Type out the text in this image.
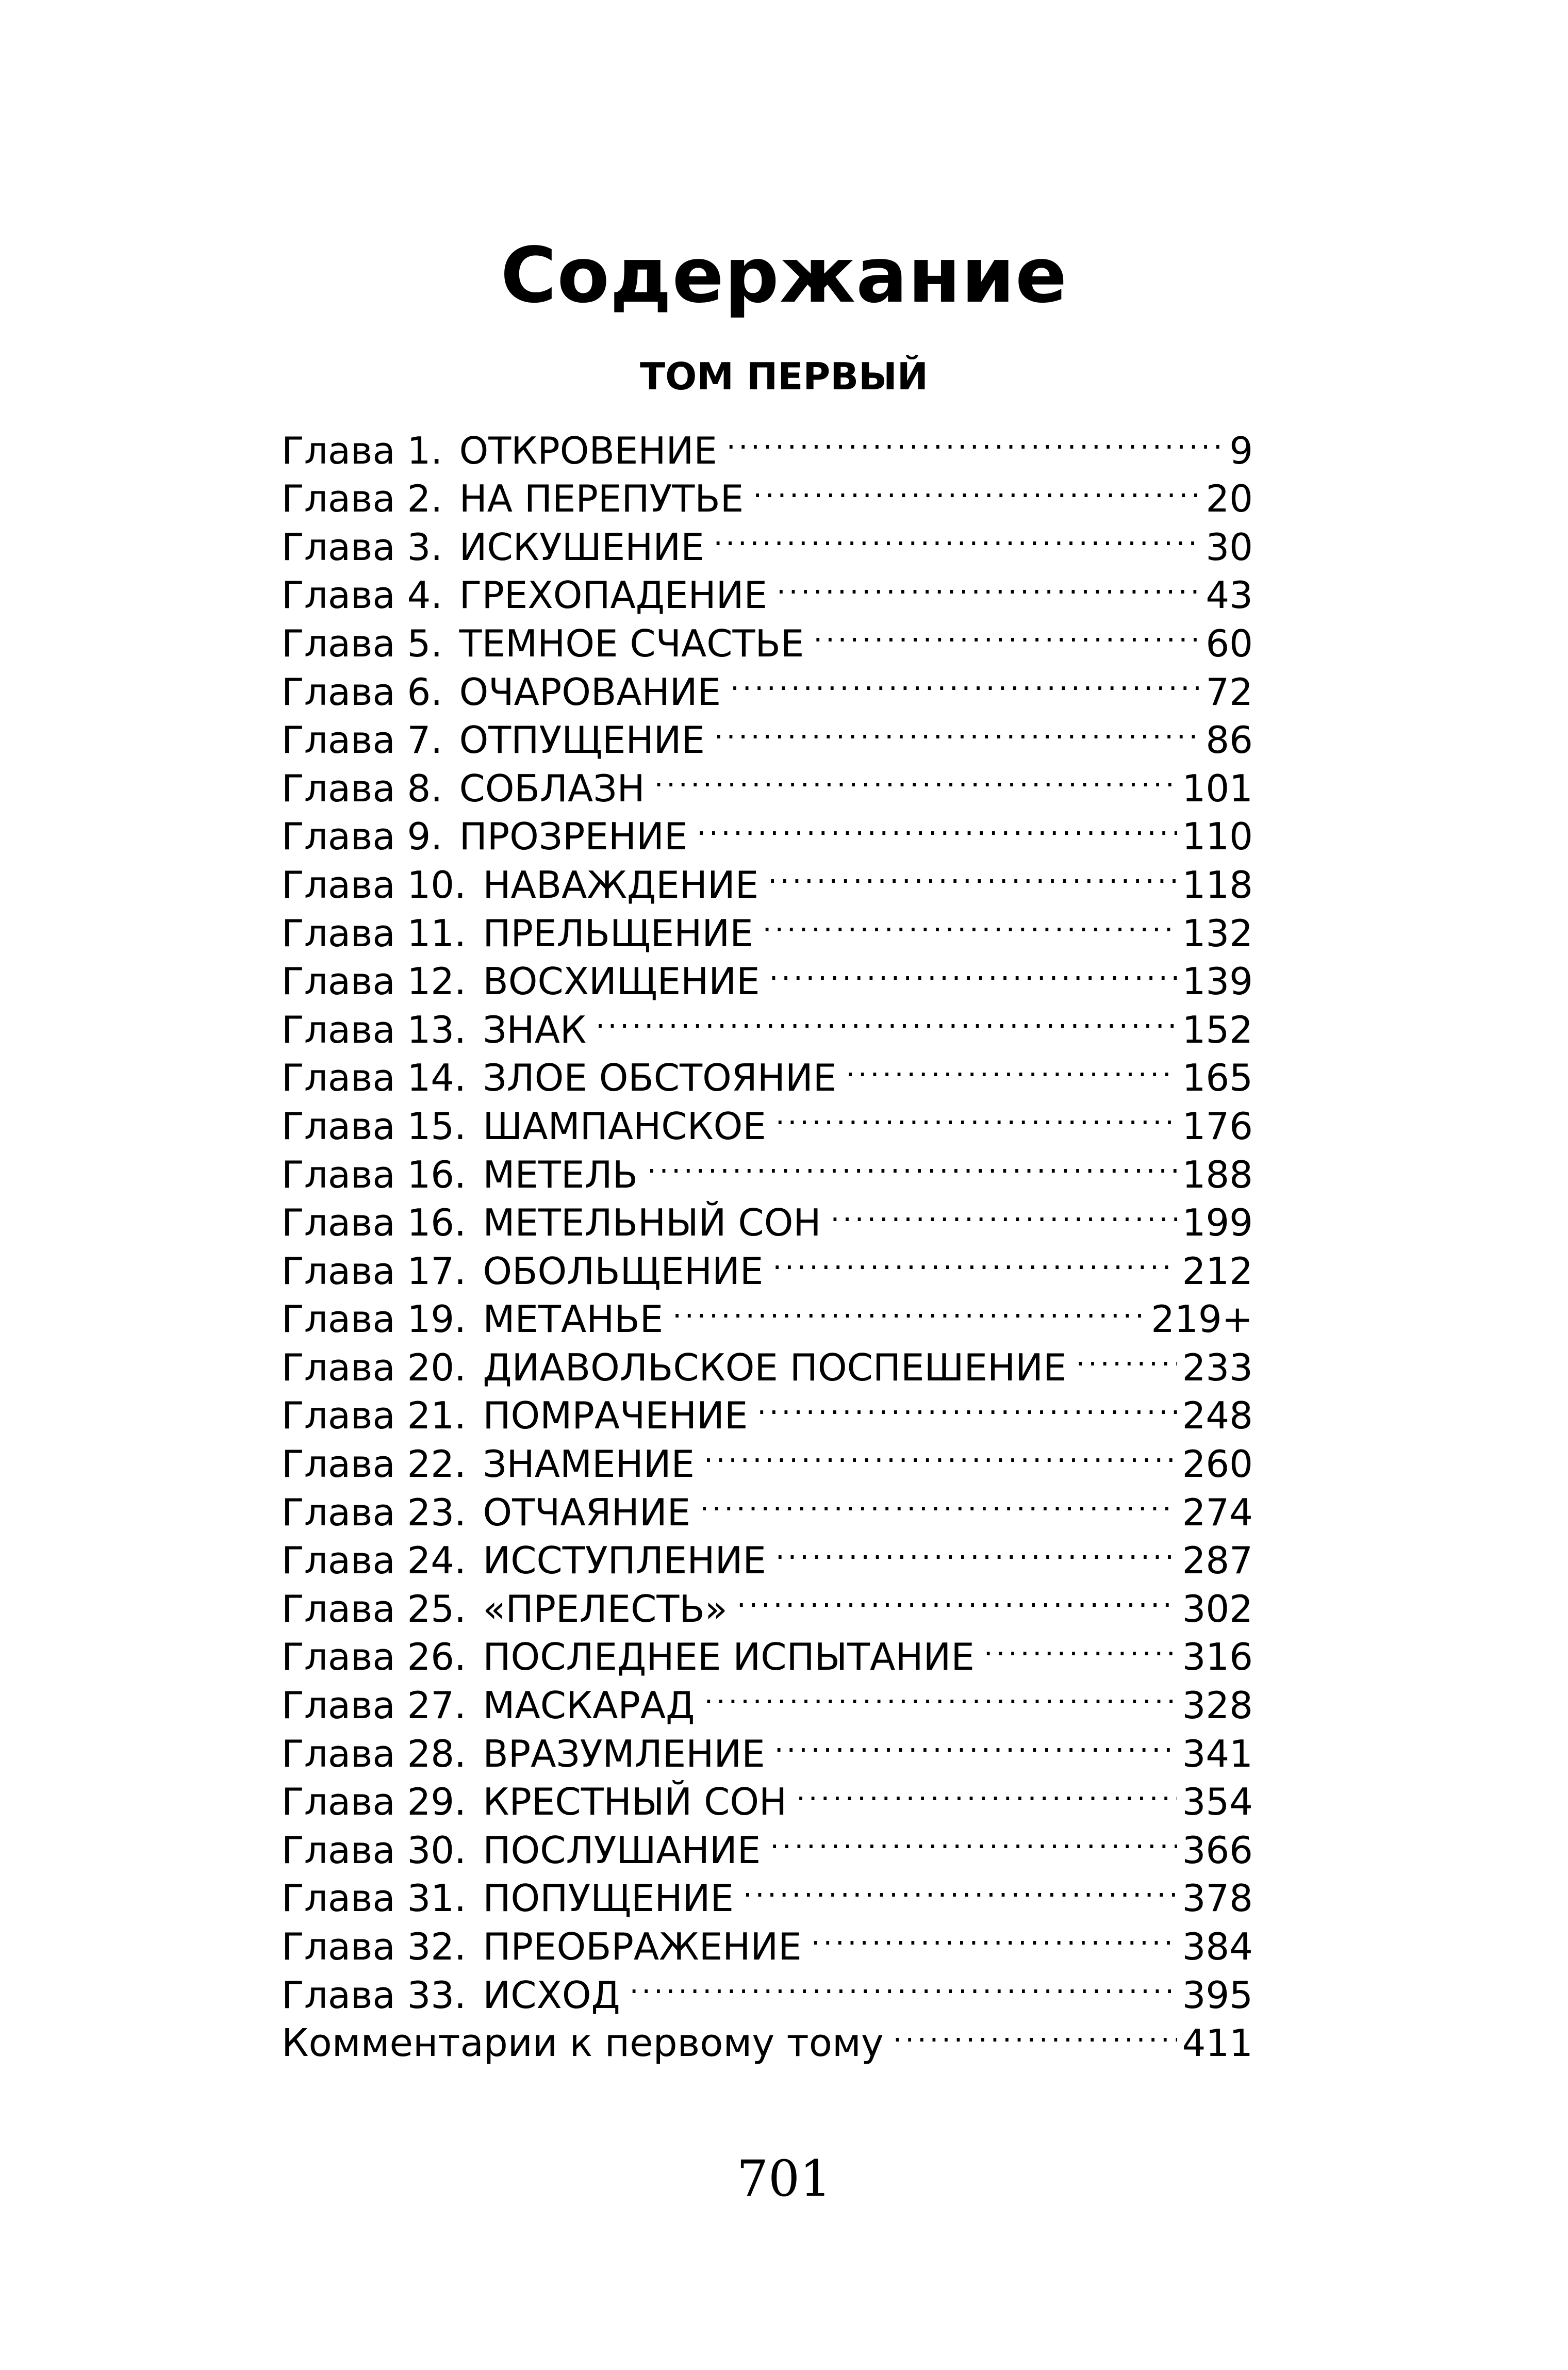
Содержание
ТОМ ПЕРВЫЙ
Глава 1. ОТКРОВЕНИЕ . . .	9
Глава 2. НА ПЕРЕПУТЬЕ . . .	20
Глава 3. ИСКУШЕНИЕ . . .	30
Глава 4. ГРЕХОПАДЕНИЕ . . .	43
Глава 5. ТЕМНОЕ СЧАСТЬЕ . . .	60
Глава 6. ОЧАРОВАНИЕ . . .	72
Глава 7. ОТПУЩЕНИЕ . . .	86
Глава 8. СОБЛАЗН . . .	101
Глава 9. ПРОЗРЕНИЕ . . .	110
Глава 10. НАВАЖДЕНИЕ . . .	118
Глава 11. ПРЕЛЬЩЕНИЕ . . .	132
Глава 12. ВОСХИЩЕНИЕ . . .	139
Глава 13. ЗНАК . . .	152
Глава 14. ЗЛОЕ ОБСТОЯНИЕ . . .	165
Глава 15. ШАМПАНСКОЕ . . .	176
Глава 16. МЕТЕЛЬ . . .	188
Глава 16. МЕТЕЛЬНЫЙ СОН . . .	199
Глава 17. ОБОЛЬЩЕНИЕ . . .	212
Глава 19. МЕТАНЬЕ . . .	219+
Глава 20. ДИАВОЛЬСКОЕ ПОСПЕШЕНИЕ . . .	233
Глава 21. ПОМРАЧЕНИЕ . . .	248
Глава 22. ЗНАМЕНИЕ . . .	260
Глава 23. ОТЧАЯНИЕ . . .	274
Глава 24. ИССТУПЛЕНИЕ . . .	287
Глава 25. «ПРЕЛЕСТЬ» . . .	302
Глава 26. ПОСЛЕДНЕЕ ИСПЫТАНИЕ . . .	316
Глава 27. МАСКАРАД . . .	328
Глава 28. ВРАЗУМЛЕНИЕ . . .	341
Глава 29. КРЕСТНЫЙ СОН . . .	354
Глава 30. ПОСЛУШАНИЕ . . .	366
Глава 31. ПОПУЩЕНИЕ . . .	378
Глава 32. ПРЕОБРАЖЕНИЕ . . .	384
Глава 33. ИСХОД . . .	395
Комментарии к первому тому . . .	411
701
